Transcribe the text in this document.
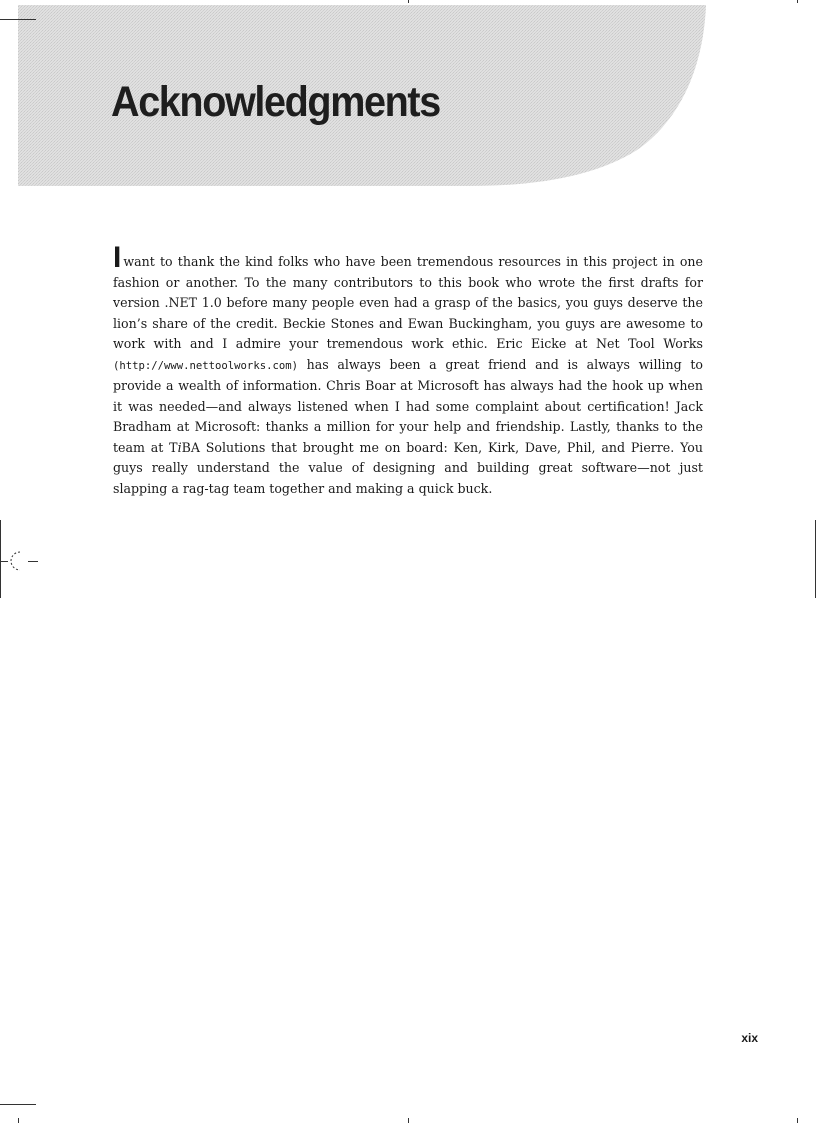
Acknowledgments

Iwant to thank the kind folks who have been tremendous resources in this project in one fashion or another. To the many contributors to this book who wrote the first drafts for version .NET 1.0 before many people even had a grasp of the basics, you guys deserve the lion’s share of the credit. Beckie Stones and Ewan Buckingham, you guys are awesome to work with and I admire your tremendous work ethic. Eric Eicke at Net Tool Works (http://www.nettoolworks.com) has always been a great friend and is always willing to provide a wealth of information. Chris Boar at Microsoft has always had the hook up when it was needed—and always listened when I had some complaint about certification! Jack Bradham at Microsoft: thanks a million for your help and friendship. Lastly, thanks to the team at TiBA Solutions that brought me on board: Ken, Kirk, Dave, Phil, and Pierre. You guys really understand the value of designing and building great software—not just slapping a rag-tag team together and making a quick buck.

xix
